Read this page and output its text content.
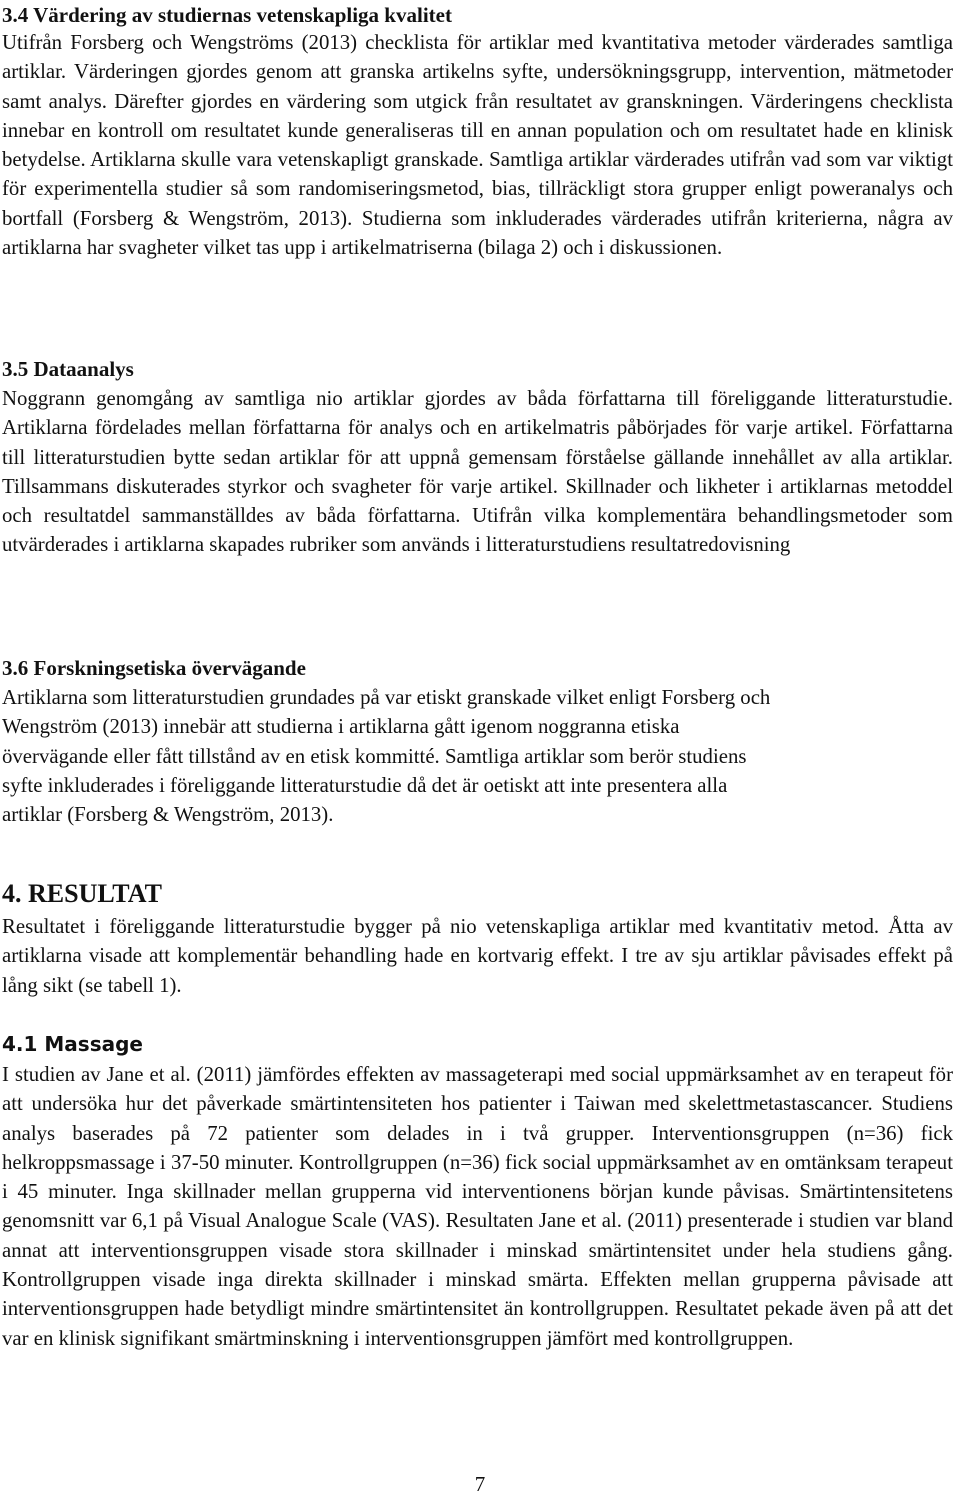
3.4 Värdering av studiernas vetenskapliga kvalitet

Utifrån Forsberg och Wengströms (2013) checklista för artiklar med kvantitativa metoder värderades samtliga artiklar. Värderingen gjordes genom att granska artikelns syfte, undersökningsgrupp, intervention, mätmetoder samt analys. Därefter gjordes en värdering som utgick från resultatet av granskningen. Värderingens checklista innebar en kontroll om resultatet kunde generaliseras till en annan population och om resultatet hade en klinisk betydelse. Artiklarna skulle vara vetenskapligt granskade. Samtliga artiklar värderades utifrån vad som var viktigt för experimentella studier så som randomiseringsmetod, bias, tillräckligt stora grupper enligt poweranalys och bortfall (Forsberg & Wengström, 2013). Studierna som inkluderades värderades utifrån kriterierna, några av artiklarna har svagheter vilket tas upp i artikelmatriserna (bilaga 2) och i diskussionen.

3.5 Dataanalys

Noggrann genomgång av samtliga nio artiklar gjordes av båda författarna till föreliggande litteraturstudie. Artiklarna fördelades mellan författarna för analys och en artikelmatris påbörjades för varje artikel. Författarna till litteraturstudien bytte sedan artiklar för att uppnå gemensam förståelse gällande innehållet av alla artiklar. Tillsammans diskuterades styrkor och svagheter för varje artikel. Skillnader och likheter i artiklarnas metoddel och resultatdel sammanställdes av båda författarna. Utifrån vilka komplementära behandlingsmetoder som utvärderades i artiklarna skapades rubriker som används i litteraturstudiens resultatredovisning

3.6 Forskningsetiska övervägande

Artiklarna som litteraturstudien grundades på var etiskt granskade vilket enligt Forsberg och

Wengström (2013) innebär att studierna i artiklarna gått igenom noggranna etiska

övervägande eller fått tillstånd av en etisk kommitté. Samtliga artiklar som berör studiens

syfte inkluderades i föreliggande litteraturstudie då det är oetiskt att inte presentera alla

artiklar (Forsberg & Wengström, 2013).

4. RESULTAT

Resultatet i föreliggande litteraturstudie bygger på nio vetenskapliga artiklar med kvantitativ metod. Åtta av artiklarna visade att komplementär behandling hade en kortvarig effekt. I tre av sju artiklar påvisades effekt på lång sikt (se tabell 1).

4.1 Massage

I studien av Jane et al. (2011) jämfördes effekten av massageterapi med social uppmärksamhet av en terapeut för att undersöka hur det påverkade smärtintensiteten hos patienter i Taiwan med skelettmetastascancer. Studiens analys baserades på 72 patienter som delades in i två grupper. Interventionsgruppen (n=36) fick helkroppsmassage i 37-50 minuter. Kontrollgruppen (n=36) fick social uppmärksamhet av en omtänksam terapeut i 45 minuter. Inga skillnader mellan grupperna vid interventionens början kunde påvisas. Smärtintensitetens genomsnitt var 6,1 på Visual Analogue Scale (VAS). Resultaten Jane et al. (2011) presenterade i studien var bland annat att interventionsgruppen visade stora skillnader i minskad smärtintensitet under hela studiens gång. Kontrollgruppen visade inga direkta skillnader i minskad smärta. Effekten mellan grupperna påvisade att interventionsgruppen hade betydligt mindre smärtintensitet än kontrollgruppen. Resultatet pekade även på att det var en klinisk signifikant smärtminskning i interventionsgruppen jämfört med kontrollgruppen.

7
